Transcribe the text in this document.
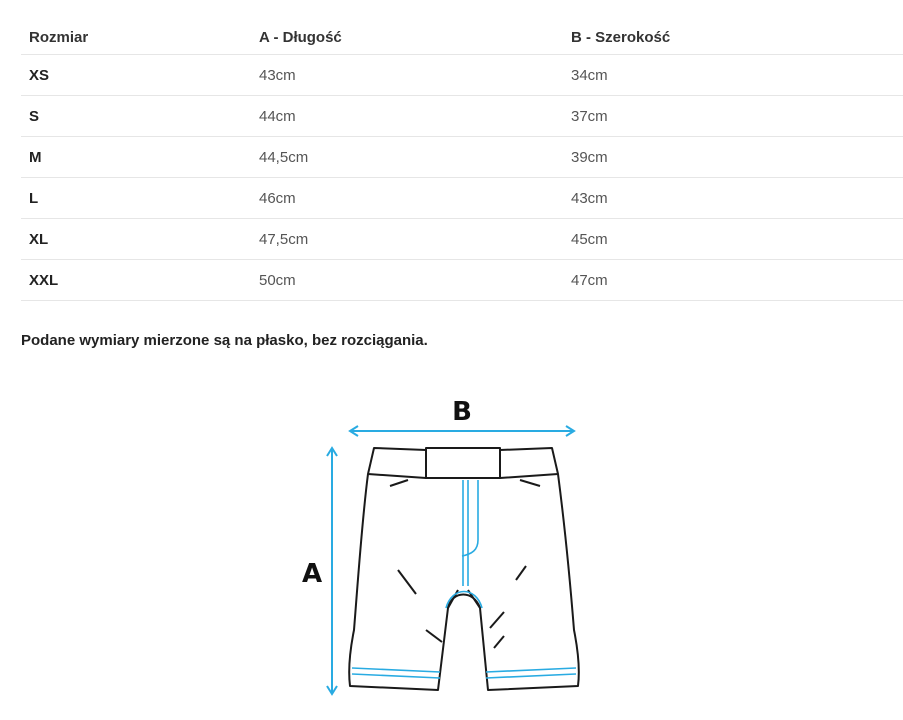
Rozmiar	A - Długość	B - Szerokość
XS	43cm	34cm
S	44cm	37cm
M	44,5cm	39cm
L	46cm	43cm
XL	47,5cm	45cm
XXL	50cm	47cm
Podane wymiary mierzone są na płasko, bez rozciągania.
B
A
